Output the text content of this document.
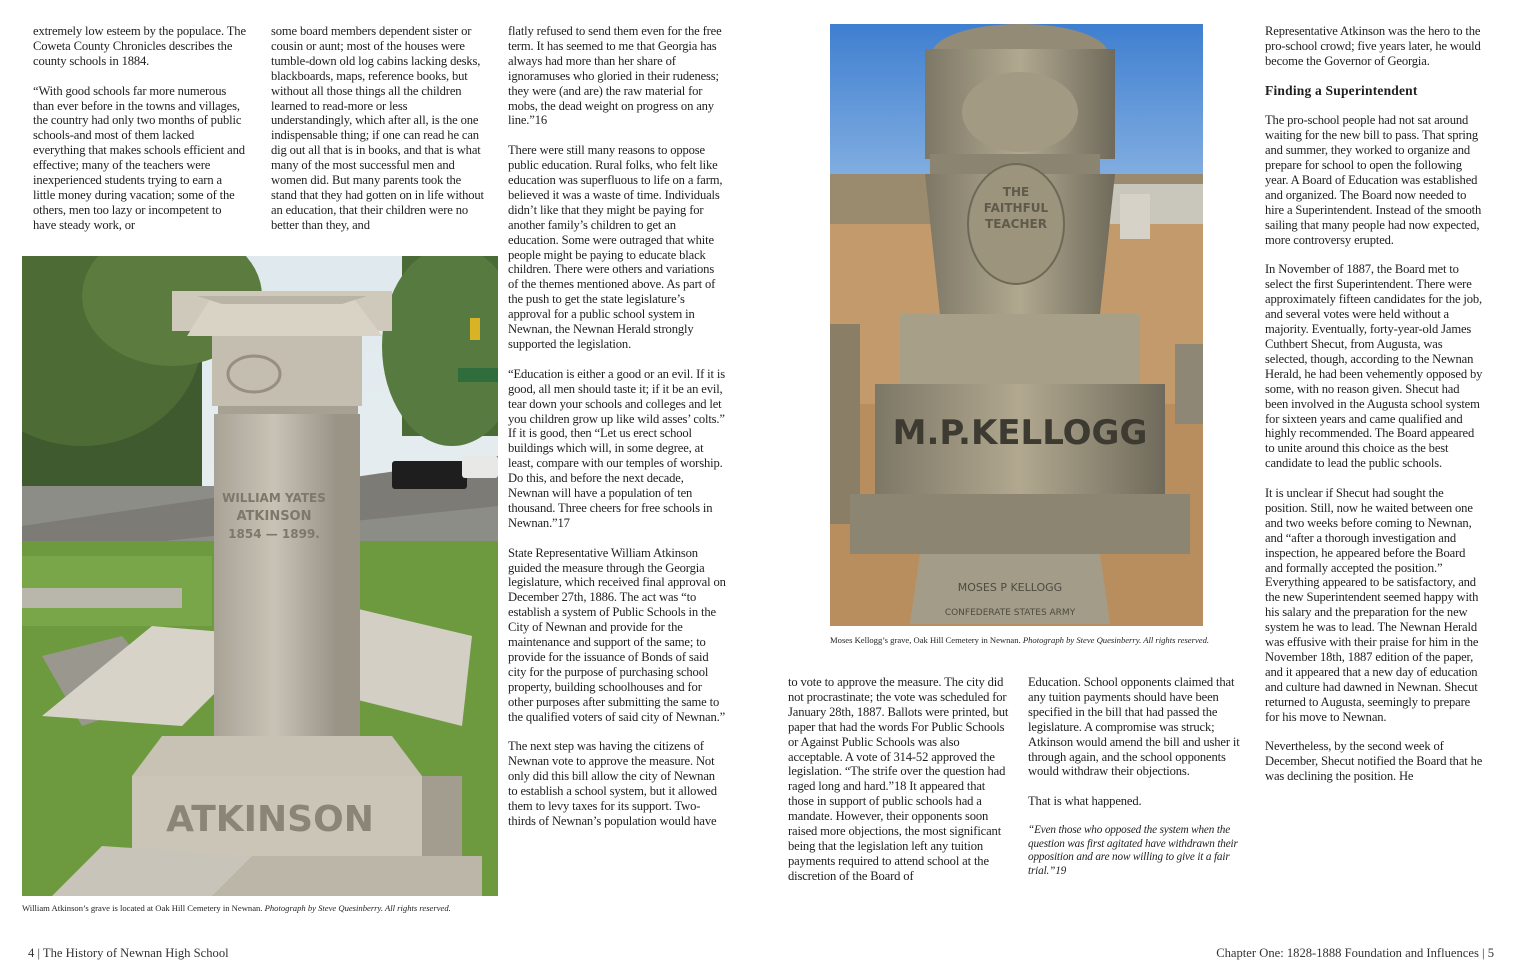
extremely low esteem by the populace. The Coweta County Chronicles describes the county schools in 1884.

“With good schools far more numerous than ever before in the towns and villages, the country had only two months of public schools-and most of them lacked everything that makes schools efficient and effective; many of the teachers were inexperienced students trying to earn a little money during vacation; some of the others, men too lazy or incompetent to have steady work, or

some board members dependent sister or cousin or aunt; most of the houses were tumble-down old log cabins lacking desks, blackboards, maps, reference books, but without all those things all the children learned to read-more or less understandingly, which after all, is the one indispensable thing; if one can read he can dig out all that is in books, and that is what many of the most successful men and women did. But many parents took the stand that they had gotten on in life without an education, that their children were no better than they, and

flatly refused to send them even for the free term. It has seemed to me that Georgia has always had more than her share of ignoramuses who gloried in their rudeness; they were (and are) the raw material for mobs, the dead weight on progress on any line.”16

There were still many reasons to oppose public education. Rural folks, who felt like education was superfluous to life on a farm, believed it was a waste of time. Individuals didn’t like that they might be paying for another family’s children to get an education. Some were outraged that white people might be paying to educate black children. There were others and variations of the themes mentioned above. As part of the push to get the state legislature’s approval for a public school system in Newnan, the Newnan Herald strongly supported the legislation.

“Education is either a good or an evil. If it is good, all men should taste it; if it be an evil, tear down your schools and colleges and let you children grow up like wild asses’ colts.” If it is good, then “Let us erect school buildings which will, in some degree, at least, compare with our temples of worship. Do this, and before the next decade, Newnan will have a population of ten thousand. Three cheers for free schools in Newnan.”17

State Representative William Atkinson guided the measure through the Georgia legislature, which received final approval on December 27th, 1886. The act was “to establish a system of Public Schools in the City of Newnan and provide for the maintenance and support of the same; to provide for the issuance of Bonds of said city for the purpose of purchasing school property, building schoolhouses and for other purposes after submitting the same to the qualified voters of said city of Newnan.”

The next step was having the citizens of Newnan vote to approve the measure. Not only did this bill allow the city of Newnan to establish a school system, but it allowed them to levy taxes for its support. Two-thirds of Newnan’s population would have

WILLIAM YATES
ATKINSON
1854 — 1899.
ATKINSON
William Atkinson’s grave is located at Oak Hill Cemetery in Newnan. Photograph by Steve Quesinberry. All rights reserved.
4 | The History of Newnan High School
THE
FAITHFUL
TEACHER
M.P.KELLOGG
MOSES P KELLOGG
CONFEDERATE STATES ARMY
Moses Kellogg’s grave, Oak Hill Cemetery in Newnan. Photograph by Steve Quesinberry. All rights reserved.

to vote to approve the measure. The city did not procrastinate; the vote was scheduled for January 28th, 1887. Ballots were printed, but paper that had the words For Public Schools or Against Public Schools was also acceptable. A vote of 314-52 approved the legislation. “The strife over the question had raged long and hard.”18 It appeared that those in support of public schools had a mandate. However, their opponents soon raised more objections, the most significant being that the legislation left any tuition payments required to attend school at the discretion of the Board of

Education. School opponents claimed that any tuition payments should have been specified in the bill that had passed the legislature. A compromise was struck; Atkinson would amend the bill and usher it through again, and the school opponents would withdraw their objections.

That is what happened.

“Even those who opposed the system when the question was first agitated have withdrawn their opposition and are now willing to give it a fair trial.”19

Representative Atkinson was the hero to the pro-school crowd; five years later, he would become the Governor of Georgia.

Finding a Superintendent

The pro-school people had not sat around waiting for the new bill to pass. That spring and summer, they worked to organize and prepare for school to open the following year. A Board of Education was established and organized. The Board now needed to hire a Superintendent. Instead of the smooth sailing that many people had now expected, more controversy erupted.

In November of 1887, the Board met to select the first Superintendent. There were approximately fifteen candidates for the job, and several votes were held without a majority. Eventually, forty-year-old James Cuthbert Shecut, from Augusta, was selected, though, according to the Newnan Herald, he had been vehemently opposed by some, with no reason given. Shecut had been involved in the Augusta school system for sixteen years and came qualified and highly recommended. The Board appeared to unite around this choice as the best candidate to lead the public schools.

It is unclear if Shecut had sought the position. Still, now he waited between one and two weeks before coming to Newnan, and “after a thorough investigation and inspection, he appeared before the Board and formally accepted the position.” Everything appeared to be satisfactory, and the new Superintendent seemed happy with his salary and the preparation for the new system he was to lead. The Newnan Herald was effusive with their praise for him in the November 18th, 1887 edition of the paper, and it appeared that a new day of education and culture had dawned in Newnan. Shecut returned to Augusta, seemingly to prepare for his move to Newnan.

Nevertheless, by the second week of December, Shecut notified the Board that he was declining the position. He

Chapter One: 1828-1888 Foundation and Influences | 5
